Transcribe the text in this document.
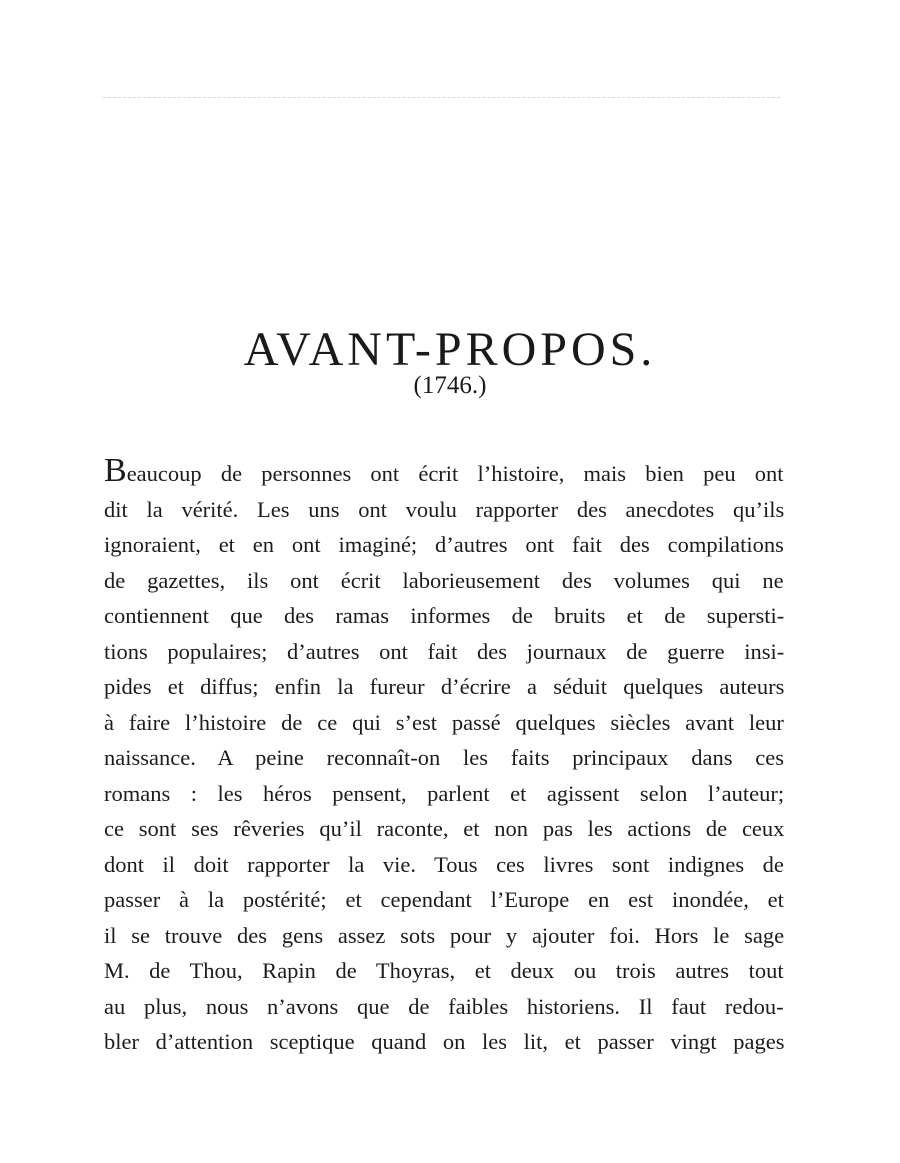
AVANT-PROPOS.
(1746.)
Beaucoup de personnes ont écrit l’histoire, mais bien peu ont
dit la vérité. Les uns ont voulu rapporter des anecdotes qu’ils
ignoraient, et en ont imaginé; d’autres ont fait des compilations
de gazettes, ils ont écrit laborieusement des volumes qui ne
contiennent que des ramas informes de bruits et de supersti-
tions populaires; d’autres ont fait des journaux de guerre insi-
pides et diffus; enfin la fureur d’écrire a séduit quelques auteurs
à faire l’histoire de ce qui s’est passé quelques siècles avant leur
naissance. A peine reconnaît-on les faits principaux dans ces
romans : les héros pensent, parlent et agissent selon l’auteur;
ce sont ses rêveries qu’il raconte, et non pas les actions de ceux
dont il doit rapporter la vie. Tous ces livres sont indignes de
passer à la postérité; et cependant l’Europe en est inondée, et
il se trouve des gens assez sots pour y ajouter foi. Hors le sage
M. de Thou, Rapin de Thoyras, et deux ou trois autres tout
au plus, nous n’avons que de faibles historiens. Il faut redou-
bler d’attention sceptique quand on les lit, et passer vingt pages
